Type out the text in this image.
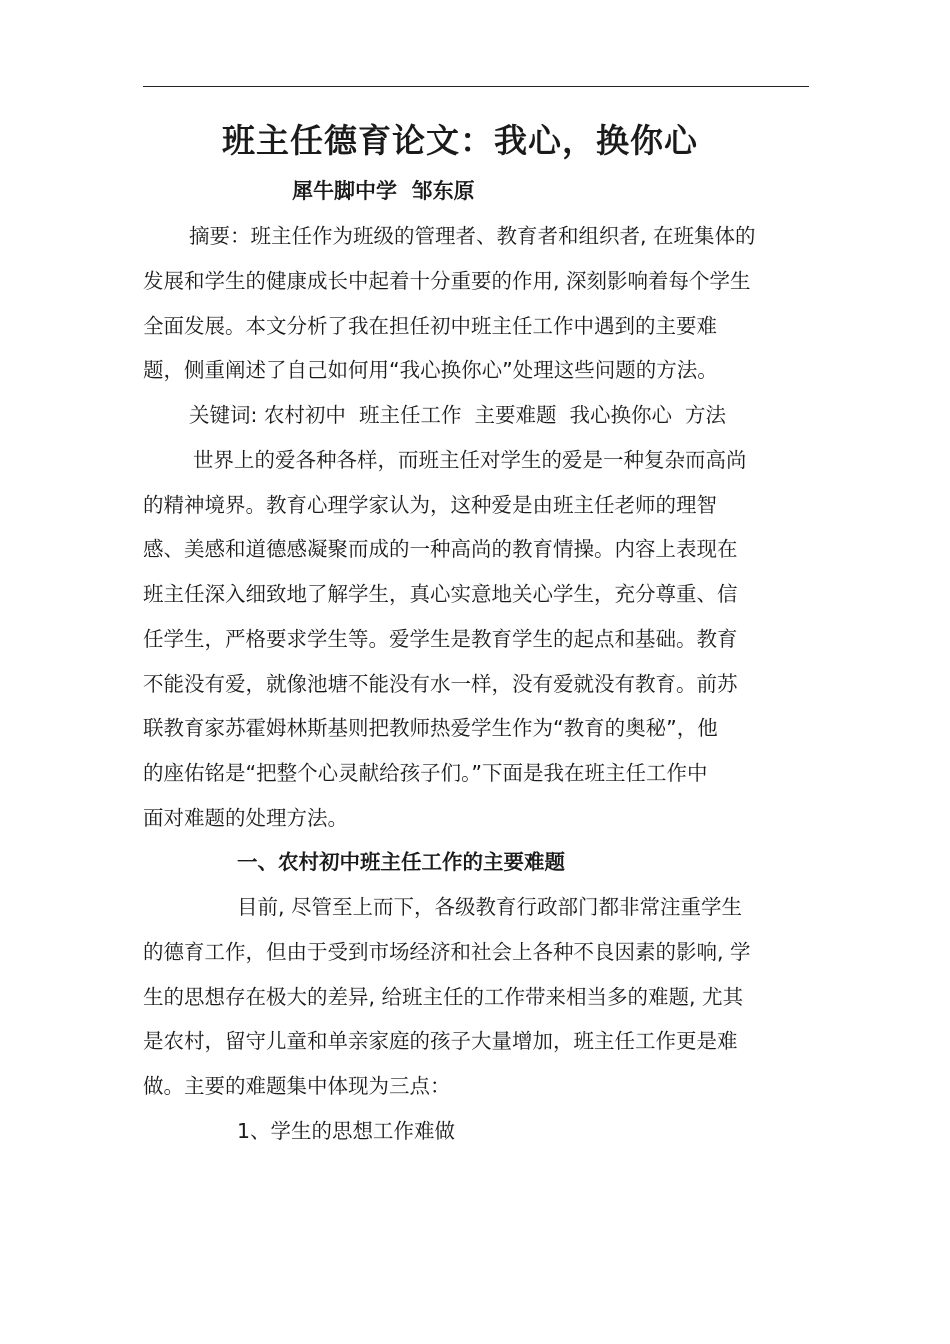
班主任德育论文：我心，换你心
犀牛脚中学  邹东原
摘要：班主任作为班级的管理者、教育者和组织者, 在班集体的
发展和学生的健康成长中起着十分重要的作用, 深刻影响着每个学生
全面发展。本文分析了我在担任初中班主任工作中遇到的主要难
题，侧重阐述了自己如何用“我心换你心”处理这些问题的方法。
关键词: 农村初中  班主任工作  主要难题  我心换你心  方法
世界上的爱各种各样，而班主任对学生的爱是一种复杂而高尚
的精神境界。教育心理学家认为，这种爱是由班主任老师的理智
感、美感和道德感凝聚而成的一种高尚的教育情操。内容上表现在
班主任深入细致地了解学生，真心实意地关心学生，充分尊重、信
任学生，严格要求学生等。爱学生是教育学生的起点和基础。教育
不能没有爱，就像池塘不能没有水一样，没有爱就没有教育。前苏
联教育家苏霍姆林斯基则把教师热爱学生作为“教育的奥秘”，他
的座佑铭是“把整个心灵献给孩子们。”下面是我在班主任工作中
面对难题的处理方法。
一、农村初中班主任工作的主要难题
目前, 尽管至上而下，各级教育行政部门都非常注重学生
的德育工作，但由于受到市场经济和社会上各种不良因素的影响, 学
生的思想存在极大的差异, 给班主任的工作带来相当多的难题, 尤其
是农村，留守儿童和单亲家庭的孩子大量增加，班主任工作更是难
做。主要的难题集中体现为三点：
1、学生的思想工作难做
